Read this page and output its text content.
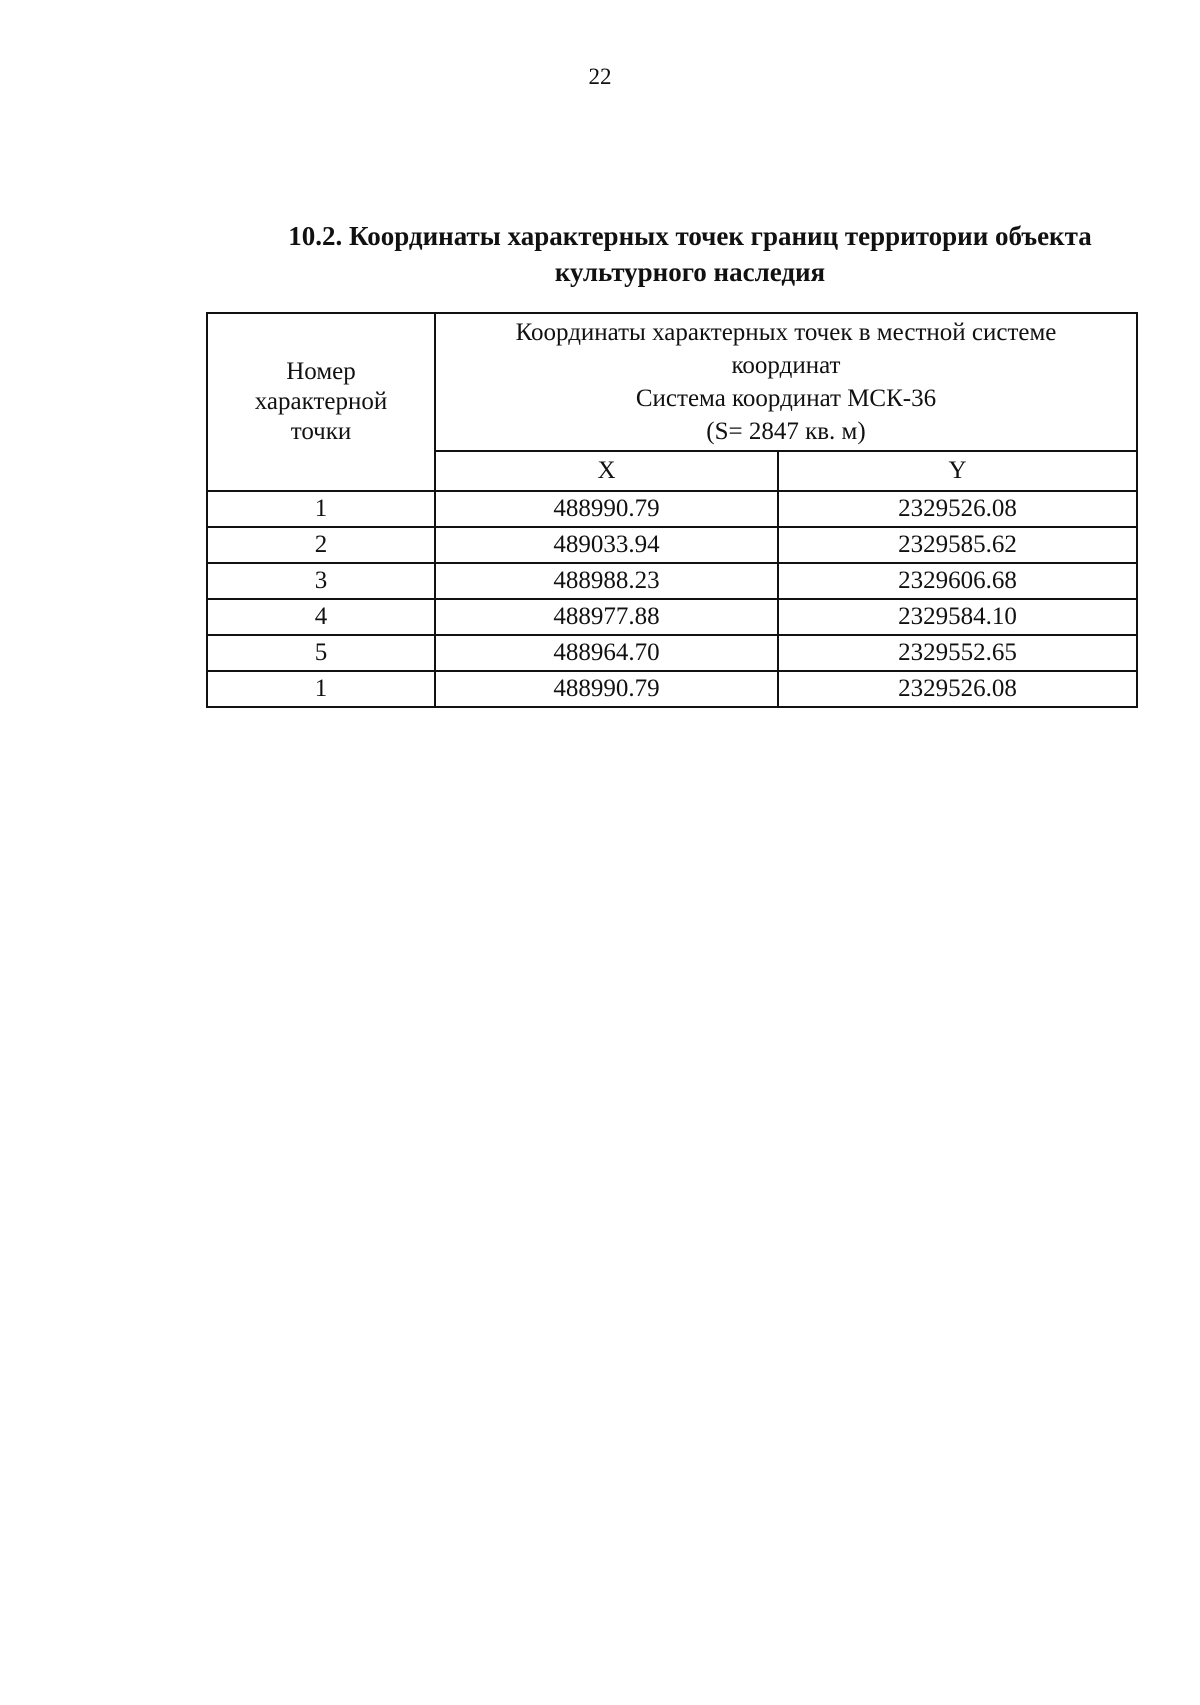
22
10.2. Координаты характерных точек границ территории объекта
культурного наследия
Номер
характерной
точки	Координаты характерных точек в местной системе
координат
Система координат МСК-36
(S= 2847 кв. м)	

	X	Y
1	488990.79	2329526.08
2	489033.94	2329585.62
3	488988.23	2329606.68
4	488977.88	2329584.10
5	488964.70	2329552.65
1	488990.79	2329526.08
